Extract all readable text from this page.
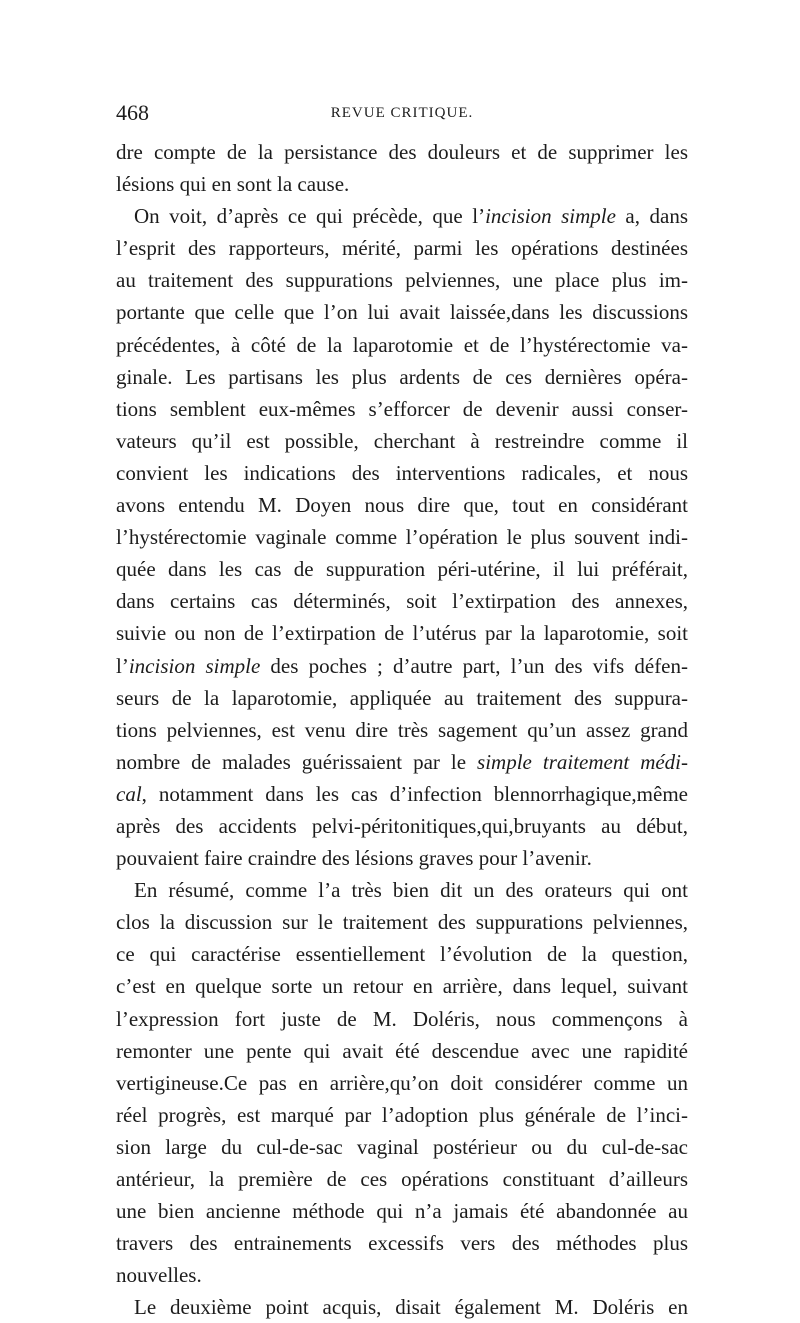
468	REVUE CRITIQUE.
dre compte de la persistance des douleurs et de supprimer les
lésions qui en sont la cause.
On voit, d’après ce qui précède, que l’incision simple a, dans
l’esprit des rapporteurs, mérité, parmi les opérations destinées
au traitement des suppurations pelviennes, une place plus im-
portante que celle que l’on lui avait laissée,dans les discussions
précédentes, à côté de la laparotomie et de l’hystérectomie va-
ginale. Les partisans les plus ardents de ces dernières opéra-
tions semblent eux-mêmes s’efforcer de devenir aussi conser-
vateurs qu’il est possible, cherchant à restreindre comme il
convient les indications des interventions radicales, et nous
avons entendu M. Doyen nous dire que, tout en considérant
l’hystérectomie vaginale comme l’opération le plus souvent indi-
quée dans les cas de suppuration péri-utérine, il lui préférait,
dans certains cas déterminés, soit l’extirpation des annexes,
suivie ou non de l’extirpation de l’utérus par la laparotomie, soit
l’incision simple des poches ; d’autre part, l’un des vifs défen-
seurs de la laparotomie, appliquée au traitement des suppura-
tions pelviennes, est venu dire très sagement qu’un assez grand
nombre de malades guérissaient par le simple traitement médi-
cal, notamment dans les cas d’infection blennorrhagique,même
après des accidents pelvi-péritonitiques,qui,bruyants au début,
pouvaient faire craindre des lésions graves pour l’avenir.
En résumé, comme l’a très bien dit un des orateurs qui ont
clos la discussion sur le traitement des suppurations pelviennes,
ce qui caractérise essentiellement l’évolution de la question,
c’est en quelque sorte un retour en arrière, dans lequel, suivant
l’expression fort juste de M. Doléris, nous commençons à
remonter une pente qui avait été descendue avec une rapidité
vertigineuse.Ce pas en arrière,qu’on doit considérer comme un
réel progrès, est marqué par l’adoption plus générale de l’inci-
sion large du cul-de-sac vaginal postérieur ou du cul-de-sac
antérieur, la première de ces opérations constituant d’ailleurs
une bien ancienne méthode qui n’a jamais été abandonnée au
travers des entrainements excessifs vers des méthodes plus
nouvelles.
Le deuxième point acquis, disait également M. Doléris en
